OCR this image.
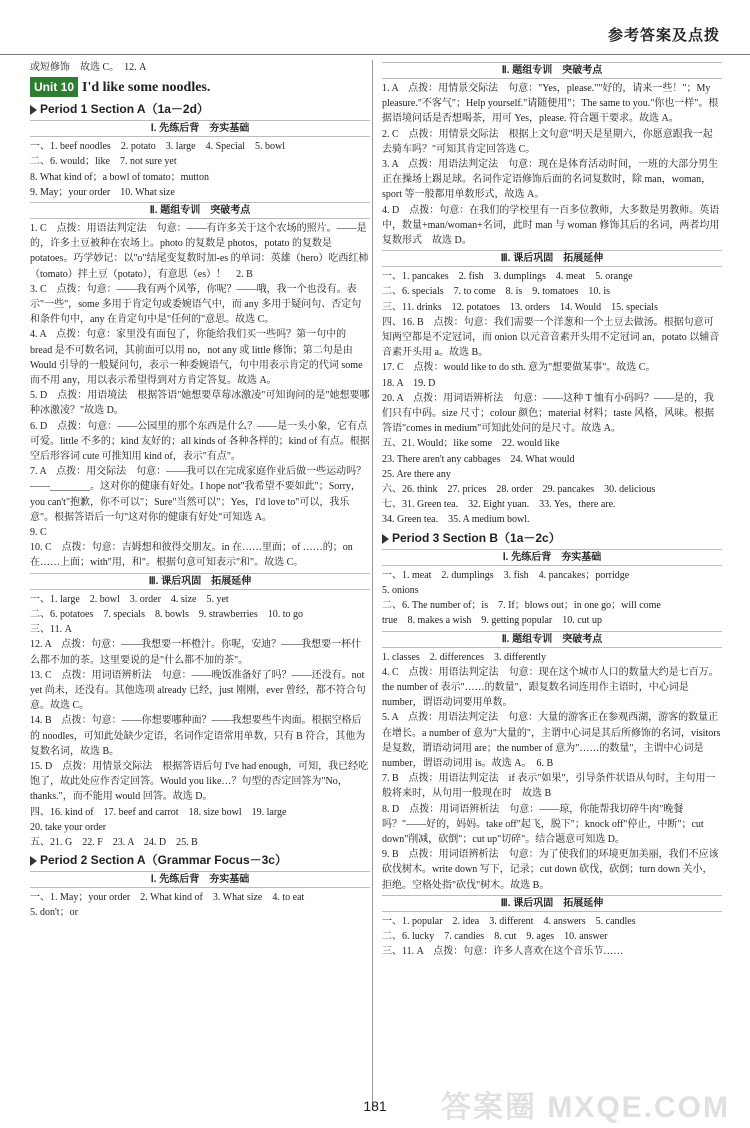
参考答案及点拨
或短修饰　故选 C。　12. A
Unit 10 I'd like some noodles.
Period 1 Section A（1a－2d）
Ⅰ. 先练后背　夯实基础
一、1. beef noodles　2. potato　3. large　4. Special　5. bowl
二、6. would；like　7. not sure yet
8. What kind of；a bowl of tomato；mutton
9. May；your order　10. What size
Ⅱ. 题组专训　突破考点
1. C　点拨：用语法判定法　句意：——有许多关于这个农场的照片。——是的，许多土豆被种在农场上。photo 的复数是 photos，potato 的复数是 potatoes。巧学妙记：以"o"结尾变复数时加-es 的单词：英雄（hero）吃西红柿（tomato）拌土豆（potato），有意思（es）！　2. B
3. C　点拨：句意：——我有两个风筝，你呢？——哦，我一个也没有。表示"一些"，some 多用于肯定句或委婉语气中，而 any 多用于疑问句、否定句和条件句中，any 在肯定句中是"任何的"意思。故选 C。
4. A　点拨：句意：家里没有面包了，你能给我们买一些吗？第一句中的 bread 是不可数名词，其前面可以用 no，not any 或 little 修饰；第二句是由 Would 引导的一般疑问句，表示一种委婉语气，句中用表示肯定的代词 some 而不用 any，用以表示希望得到对方肯定答复。故选 A。
5. D　点拨：用语境法　根据答语"她想要草莓冰激凌"可知询问的是"她想要哪种冰激凌？"故选 D。
6. D　点拨：句意：——公园里的那个东西是什么？——是一头小象，它有点可爱。little 不多的；kind 友好的；all kinds of 各种各样的；kind of 有点。根据空后形容词 cute 可推知用 kind of，表示"有点"。
7. A　点拨：用交际法　句意：——我可以在完成家庭作业后做一些运动吗？——________。这对你的健康有好处。I hope not"我希望不要如此"；Sorry，you can't"抱歉，你不可以"；Sure"当然可以"；Yes，I'd love to"可以，我乐意"。根据答语后一句"这对你的健康有好处"可知选 A。
9. C
10. C　点拨：句意：吉姆想和彼得交朋友。in 在……里面；of ……的；on 在……上面；with"用，和"。根据句意可知表示"和"。故选 C。
Ⅲ. 课后巩固　拓展延伸
一、1. large　2. bowl　3. order　4. size　5. yet
二、6. potatoes　7. specials　8. bowls　9. strawberries　10. to go
三、11. A
12. A　点拨：句意：——我想要一杯橙汁。你呢，安迪？——我想要一杯什么都不加的茶。这里要说的是"什么都不加的茶"。
13. C　点拨：用词语辨析法　句意：——晚饭准备好了吗？——还没有。not yet 尚未，还没有。其他选项 already 已经，just 刚刚，ever 曾经，都不符合句意。故选 C。
14. B　点拨：句意：——你想要哪种面？——我想要些牛肉面。根据空格后的 noodles，可知此处缺少定语，名词作定语常用单数，只有 B 符合，其他为复数名词，故选 B。
15. D　点拨：用情景交际法　根据答语后句 I've had enough，可知，我已经吃饱了，故此处应作否定回答。Would you like…？句型的否定回答为"No，thanks."，而不能用 would 回答。故选 D。
四、16. kind of　17. beef and carrot　18. size bowl　19. large
20. take your order
五、21. G　22. F　23. A　24. D　25. B
Period 2 Section A（Grammar Focus－3c）
Ⅰ. 先练后背　夯实基础
一、1. May；your order　2. What kind of　3. What size　4. to eat
5. don't；or
Ⅱ. 题组专训　突破考点
1. A　点拨：用情景交际法　句意："Yes，please.""好的，请来一些！"；My pleasure."不客气"；Help yourself."请随便用"；The same to you."你也一样"。根据语境问话是否想喝茶，用可 Yes，please. 符合题干要求。故选 A。
2. C　点拨：用情景交际法　根据上文句意"明天是星期六，你愿意跟我一起去骑车吗？"可知其肯定回答选 C。
3. A　点拨：用语法判定法　句意：现在是体育活动时间，一班的大部分男生正在操场上踢足球。名词作定语修饰后面的名词复数时，除 man，woman，sport 等一般都用单数形式，故选 A。
4. D　点拨：句意：在我们的学校里有一百多位教师，大多数是男教师。英语中，数量+man/woman+名词，此时 man 与 woman 修饰其后的名词，两者均用复数形式　故选 D。
Ⅲ. 课后巩固　拓展延伸
一、1. pancakes　2. fish　3. dumplings　4. meat　5. orange
二、6. specials　7. to come　8. is　9. tomatoes　10. is
三、11. drinks　12. potatoes　13. orders　14. Would　15. specials
四、16. B　点拨：句意：我们需要一个洋葱和一个土豆去做汤。根据句意可知两空都是不定冠词，而 onion 以元音音素开头用不定冠词 an，potato 以辅音音素开头用 a。故选 B。
17. C　点拨：would like to do sth. 意为"想要做某事"。故选 C。
18. A　19. D
20. A　点拨：用词语辨析法　句意：——这种 T 恤有小码吗？——是的，我们只有中码。size 尺寸；colour 颜色；material 材料；taste 风格，风味。根据答语"comes in medium"可知此处问的是尺寸。故选 A。
五、21. Would；like some　22. would like
23. There aren't any cabbages　24. What would
25. Are there any
六、26. think　27. prices　28. order　29. pancakes　30. delicious
七、31. Green tea.　32. Eight yuan.　33. Yes，there are.
34. Green tea.　35. A medium bowl.
Period 3 Section B（1a－2c）
Ⅰ. 先练后背　夯实基础
一、1. meat　2. dumplings　3. fish　4. pancakes；porridge
5. onions
二、6. The number of；is　7. If；blows out；in one go；will come
true　8. makes a wish　9. getting popular　10. cut up
Ⅱ. 题组专训　突破考点
1. classes　2. differences　3. differently
4. C　点拨：用语法判定法　句意：现在这个城市人口的数量大约是七百万。the number of 表示"……的数量"，跟复数名词连用作主语时，中心词是 number，谓语动词要用单数。
5. A　点拨：用语法判定法　句意：大量的游客正在参观西湖，游客的数量正在增长。a number of 意为"大量的"，主谓中心词是其后所修饰的名词，visitors 是复数，谓语动词用 are；the number of 意为"……的数量"，主谓中心词是 number，谓语动词用 is。故选 A。　6. B
7. B　点拨：用语法判定法　if 表示"如果"，引导条件状语从句时，主句用一般将来时，从句用一般现在时　故选 B
8. D　点拨：用词语辨析法　句意：——琼，你能帮我切碎牛肉"晚餐吗？"——好的，妈妈。take off"起飞，脱下"；knock off"停止，中断"；cut down"削减，砍倒"；cut up"切碎"。结合题意可知选 D。
9. B　点拨：用词语辨析法　句意：为了使我们的环境更加美丽，我们不应该砍伐树木。write down 写下，记录；cut down 砍伐，砍倒；turn down 关小，拒绝。空格处指"砍伐"树木。故选 B。
Ⅲ. 课后巩固　拓展延伸
一、1. popular　2. idea　3. different　4. answers　5. candles
二、6. lucky　7. candies　8. cut　9. ages　10. answer
三、11. A　点拨：句意：许多人喜欢在这个音乐节……
181	答案圈 MXQE.COM
